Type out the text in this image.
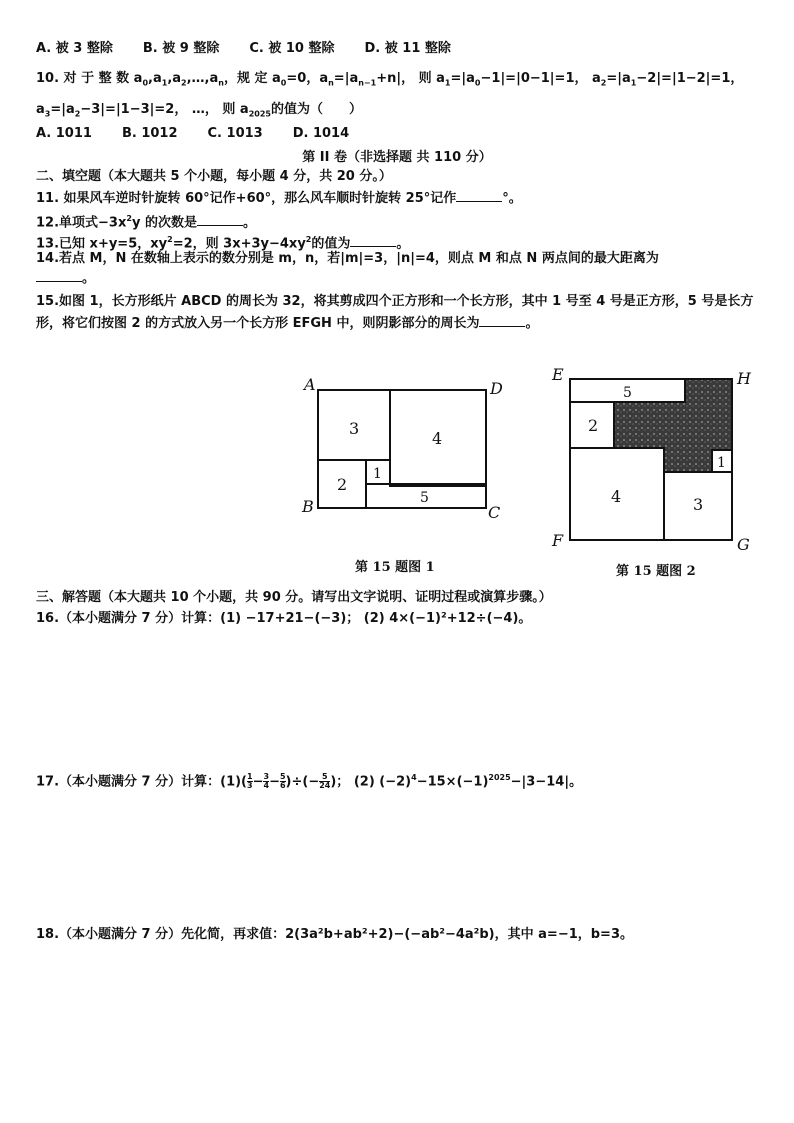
A. 被 3 整除 B. 被 9 整除 C. 被 10 整除 D. 被 11 整除
10. 对 于 整 数 $a_0,a_1,a_2,\dots,a_n$，规 定 $a_0=0$，$a_n=|a_{n-1}+n|$， 则 $a_1=|a_0-1|=|0-1|=1$， $a_2=|a_1-2|=|1-2|=1$，
$a_3=|a_2-3|=|1-3|=2$， …， 则 $a_{2025}$的值为（　　）
A. 1011 B. 1012 C. 1013 D. 1014
第 II 卷（非选择题 共 110 分）
二、填空题（本大题共 5 个小题，每小题 4 分，共 20 分。）
11. 如果风车逆时针旋转 60°记作+60°，那么风车顺时针旋转 25°记作	°。
12.单项式$-3x^2y$ 的次数是	。
13.已知 x+y=5，$xy^2=2$，则 $3x+3y-4xy^2$的值为	。
14.若点 M，N 在数轴上表示的数分别是 m，n，若|m|=3，|n|=4，则点 M 和点 N 两点间的最大距离为
。
15.如图 1，长方形纸片 ABCD 的周长为 32，将其剪成四个正方形和一个长方形，其中 1 号至 4 号是正方形，5 号是长方形，将它们按图 2 的方式放入另一个长方形 EFGH 中，则阴影部分的周长为	。
A	D
B	C
3
4
1
2
5
第 15 题图 1
E	H
F	G
5
2
1
4	3
第 15 题图 2
三、解答题（本大题共 10 个小题，共 90 分。请写出文字说明、证明过程或演算步骤。）
16.（本小题满分 7 分）计算：(1) −17+21−(−3)； (2) 4×(−1)²+12÷(−4)。
17.（本小题满分 7 分）计算：$(1)( \frac{1}{3} - \frac{3}{4} - \frac{5}{6}$ )÷(− $\frac{5}{24}$ )； (2) $(-2)^4-15\times(-1)^{2025}-|3-14|$。
18.（本小题满分 7 分）先化简，再求值：2(3a²b+ab²+2)−(−ab²−4a²b)，其中 a=−1，b=3。
